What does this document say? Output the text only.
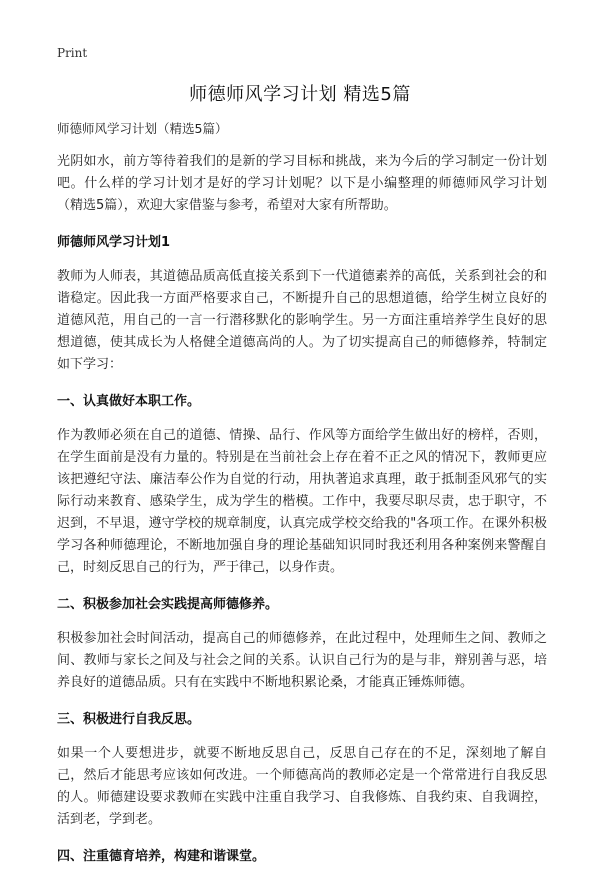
Print
师德师风学习计划 精选5篇

师德师风学习计划（精选5篇）

光阴如水，前方等待着我们的是新的学习目标和挑战，来为今后的学习制定一份计划吧。什么样的学习计划才是好的学习计划呢？以下是小编整理的师德师风学习计划（精选5篇），欢迎大家借鉴与参考，希望对大家有所帮助。

师德师风学习计划1

教师为人师表，其道德品质高低直接关系到下一代道德素养的高低，关系到社会的和谐稳定。因此我一方面严格要求自己，不断提升自己的思想道德，给学生树立良好的道德风范，用自己的一言一行潜移默化的影响学生。另一方面注重培养学生良好的思想道德，使其成长为人格健全道德高尚的人。为了切实提高自己的师德修养，特制定如下学习：

一、认真做好本职工作。

作为教师必须在自己的道德、情操、品行、作风等方面给学生做出好的榜样，否则，在学生面前是没有力量的。特别是在当前社会上存在着不正之风的情况下，教师更应该把遵纪守法、廉洁奉公作为自觉的行动，用执著追求真理，敢于抵制歪风邪气的实际行动来教育、感染学生，成为学生的楷模。工作中，我要尽职尽责，忠于职守，不迟到，不早退，遵守学校的规章制度，认真完成学校交给我的"各项工作。在课外积极学习各种师德理论，不断地加强自身的理论基础知识同时我还利用各种案例来警醒自己，时刻反思自己的行为，严于律己，以身作责。

二、积极参加社会实践提高师德修养。

积极参加社会时间活动，提高自己的师德修养，在此过程中，处理师生之间、教师之间、教师与家长之间及与社会之间的关系。认识自己行为的是与非，辩别善与恶，培养良好的道德品质。只有在实践中不断地积累论桑，才能真正锤炼师德。

三、积极进行自我反思。

如果一个人要想进步，就要不断地反思自己，反思自己存在的不足，深刻地了解自己，然后才能思考应该如何改进。一个师德高尚的教师必定是一个常常进行自我反思的人。师德建设要求教师在实践中注重自我学习、自我修炼、自我约束、自我调控，活到老，学到老。

四、注重德育培养，构建和谐课堂。
